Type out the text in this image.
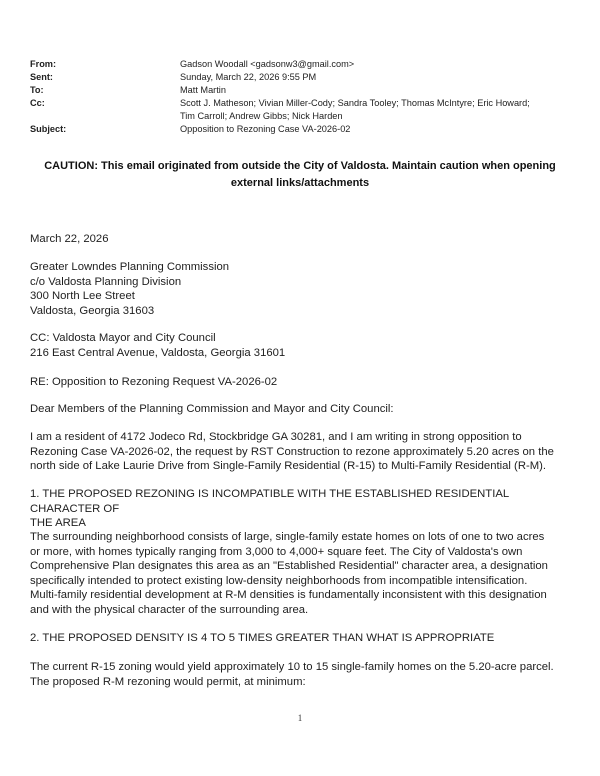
From:	Gadson Woodall <gadsonw3@gmail.com>
Sent:	Sunday, March 22, 2026 9:55 PM
To:	Matt Martin
Cc:	Scott J. Matheson; Vivian Miller-Cody; Sandra Tooley; Thomas McIntyre; Eric Howard;
Tim Carroll; Andrew Gibbs; Nick Harden
Subject:	Opposition to Rezoning Case VA-2026-02
CAUTION: This email originated from outside the City of Valdosta. Maintain caution when opening
external links/attachments
March 22, 2026
Greater Lowndes Planning Commission
c/o Valdosta Planning Division
300 North Lee Street
Valdosta, Georgia 31603
CC: Valdosta Mayor and City Council
216 East Central Avenue, Valdosta, Georgia 31601
RE: Opposition to Rezoning Request VA-2026-02
Dear Members of the Planning Commission and Mayor and City Council:
I am a resident of 4172 Jodeco Rd, Stockbridge GA 30281, and I am writing in strong opposition to
Rezoning Case VA-2026-02, the request by RST Construction to rezone approximately 5.20 acres on the
north side of Lake Laurie Drive from Single-Family Residential (R-15) to Multi-Family Residential (R-M).
1. THE PROPOSED REZONING IS INCOMPATIBLE WITH THE ESTABLISHED RESIDENTIAL CHARACTER OF
THE AREA
The surrounding neighborhood consists of large, single-family estate homes on lots of one to two acres
or more, with homes typically ranging from 3,000 to 4,000+ square feet. The City of Valdosta's own
Comprehensive Plan designates this area as an "Established Residential" character area, a designation
specifically intended to protect existing low-density neighborhoods from incompatible intensification.
Multi-family residential development at R-M densities is fundamentally inconsistent with this designation
and with the physical character of the surrounding area.
2. THE PROPOSED DENSITY IS 4 TO 5 TIMES GREATER THAN WHAT IS APPROPRIATE
The current R-15 zoning would yield approximately 10 to 15 single-family homes on the 5.20-acre parcel.
The proposed R-M rezoning would permit, at minimum:
1
